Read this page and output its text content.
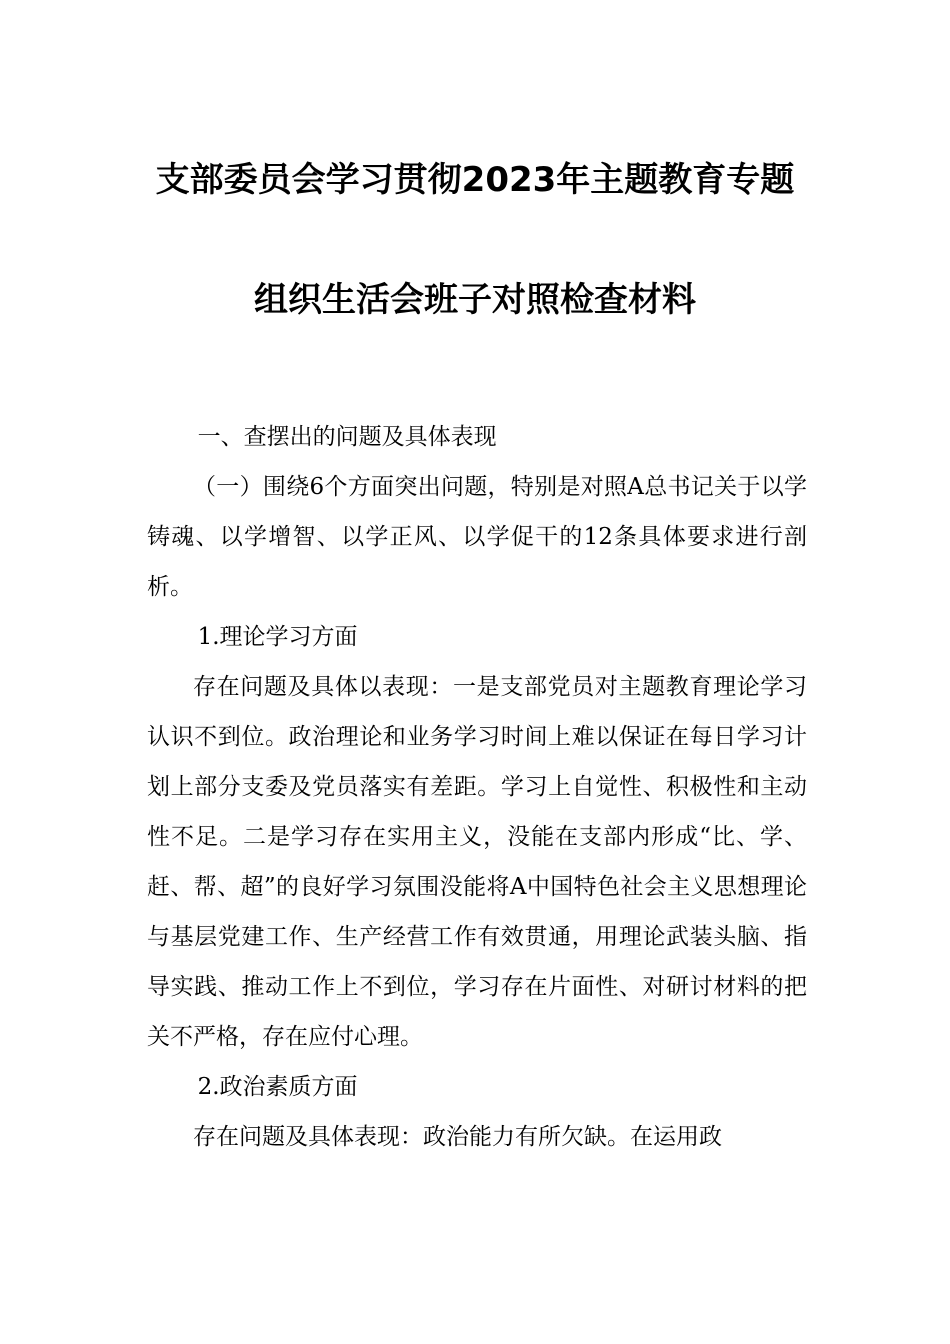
支部委员会学习贯彻2023年主题教育专题
组织生活会班子对照检查材料

一、查摆出的问题及具体表现

（一）围绕6个方面突出问题，特别是对照A总书记关于以学铸魂、以学增智、以学正风、以学促干的12条具体要求进行剖析。

1.理论学习方面

存在问题及具体以表现：一是支部党员对主题教育理论学习认识不到位。政治理论和业务学习时间上难以保证在每日学习计划上部分支委及党员落实有差距。学习上自觉性、积极性和主动性不足。二是学习存在实用主义，没能在支部内形成“比、学、赶、帮、超”的良好学习氛围没能将A中国特色社会主义思想理论与基层党建工作、生产经营工作有效贯通，用理论武装头脑、指导实践、推动工作上不到位，学习存在片面性、对研讨材料的把关不严格，存在应付心理。

2.政治素质方面

存在问题及具体表现：政治能力有所欠缺。在运用政
